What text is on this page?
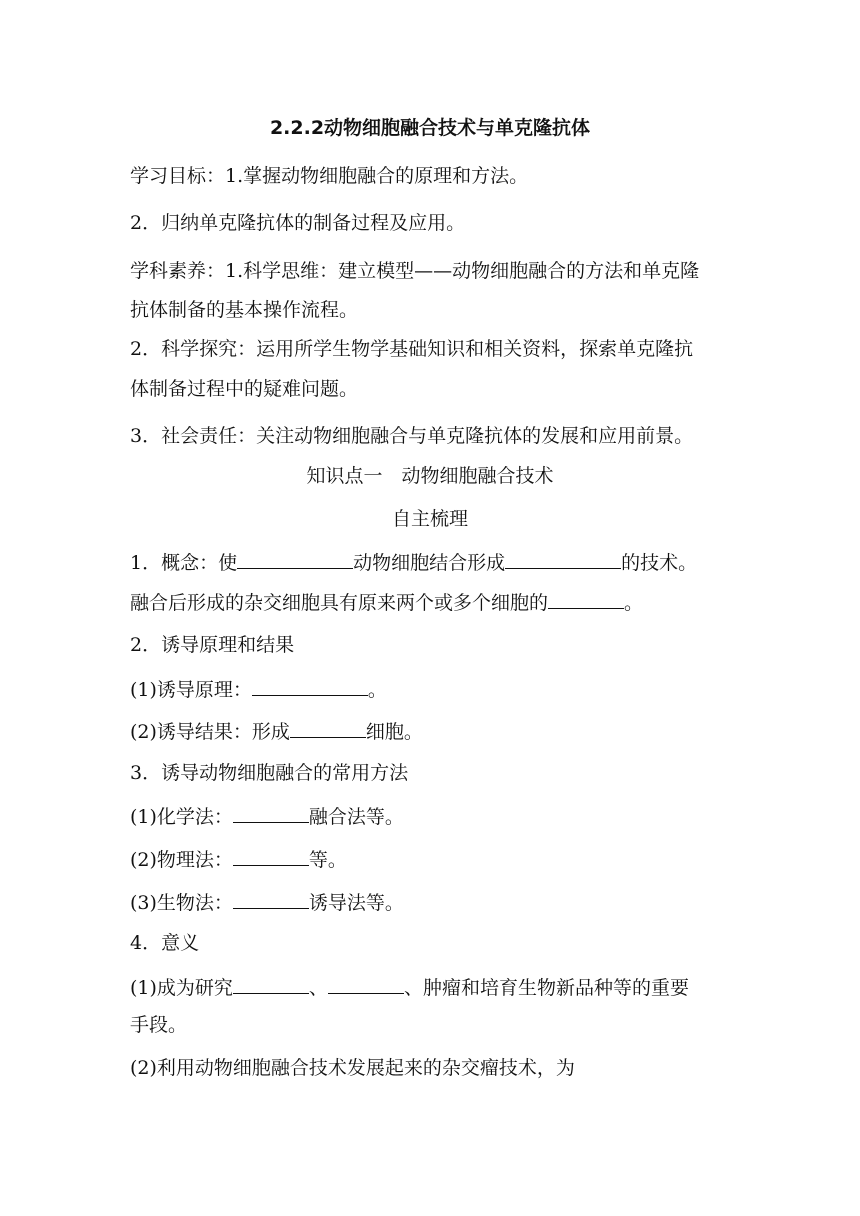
2.2.2动物细胞融合技术与单克隆抗体
学习目标：1.掌握动物细胞融合的原理和方法。
2．归纳单克隆抗体的制备过程及应用。
学科素养：1.科学思维：建立模型——动物细胞融合的方法和单克隆
抗体制备的基本操作流程。
2．科学探究：运用所学生物学基础知识和相关资料，探索单克隆抗
体制备过程中的疑难问题。
3．社会责任：关注动物细胞融合与单克隆抗体的发展和应用前景。
知识点一　动物细胞融合技术
自主梳理
1．概念：使	动物细胞结合形成	的技术。
融合后形成的杂交细胞具有原来两个或多个细胞的	。
2．诱导原理和结果
(1)诱导原理：	。
(2)诱导结果：形成	细胞。
3．诱导动物细胞融合的常用方法
(1)化学法：	融合法等。
(2)物理法：	等。
(3)生物法：	诱导法等。
4．意义
(1)成为研究	、	、肿瘤和培育生物新品种等的重要
手段。
(2)利用动物细胞融合技术发展起来的杂交瘤技术，为
